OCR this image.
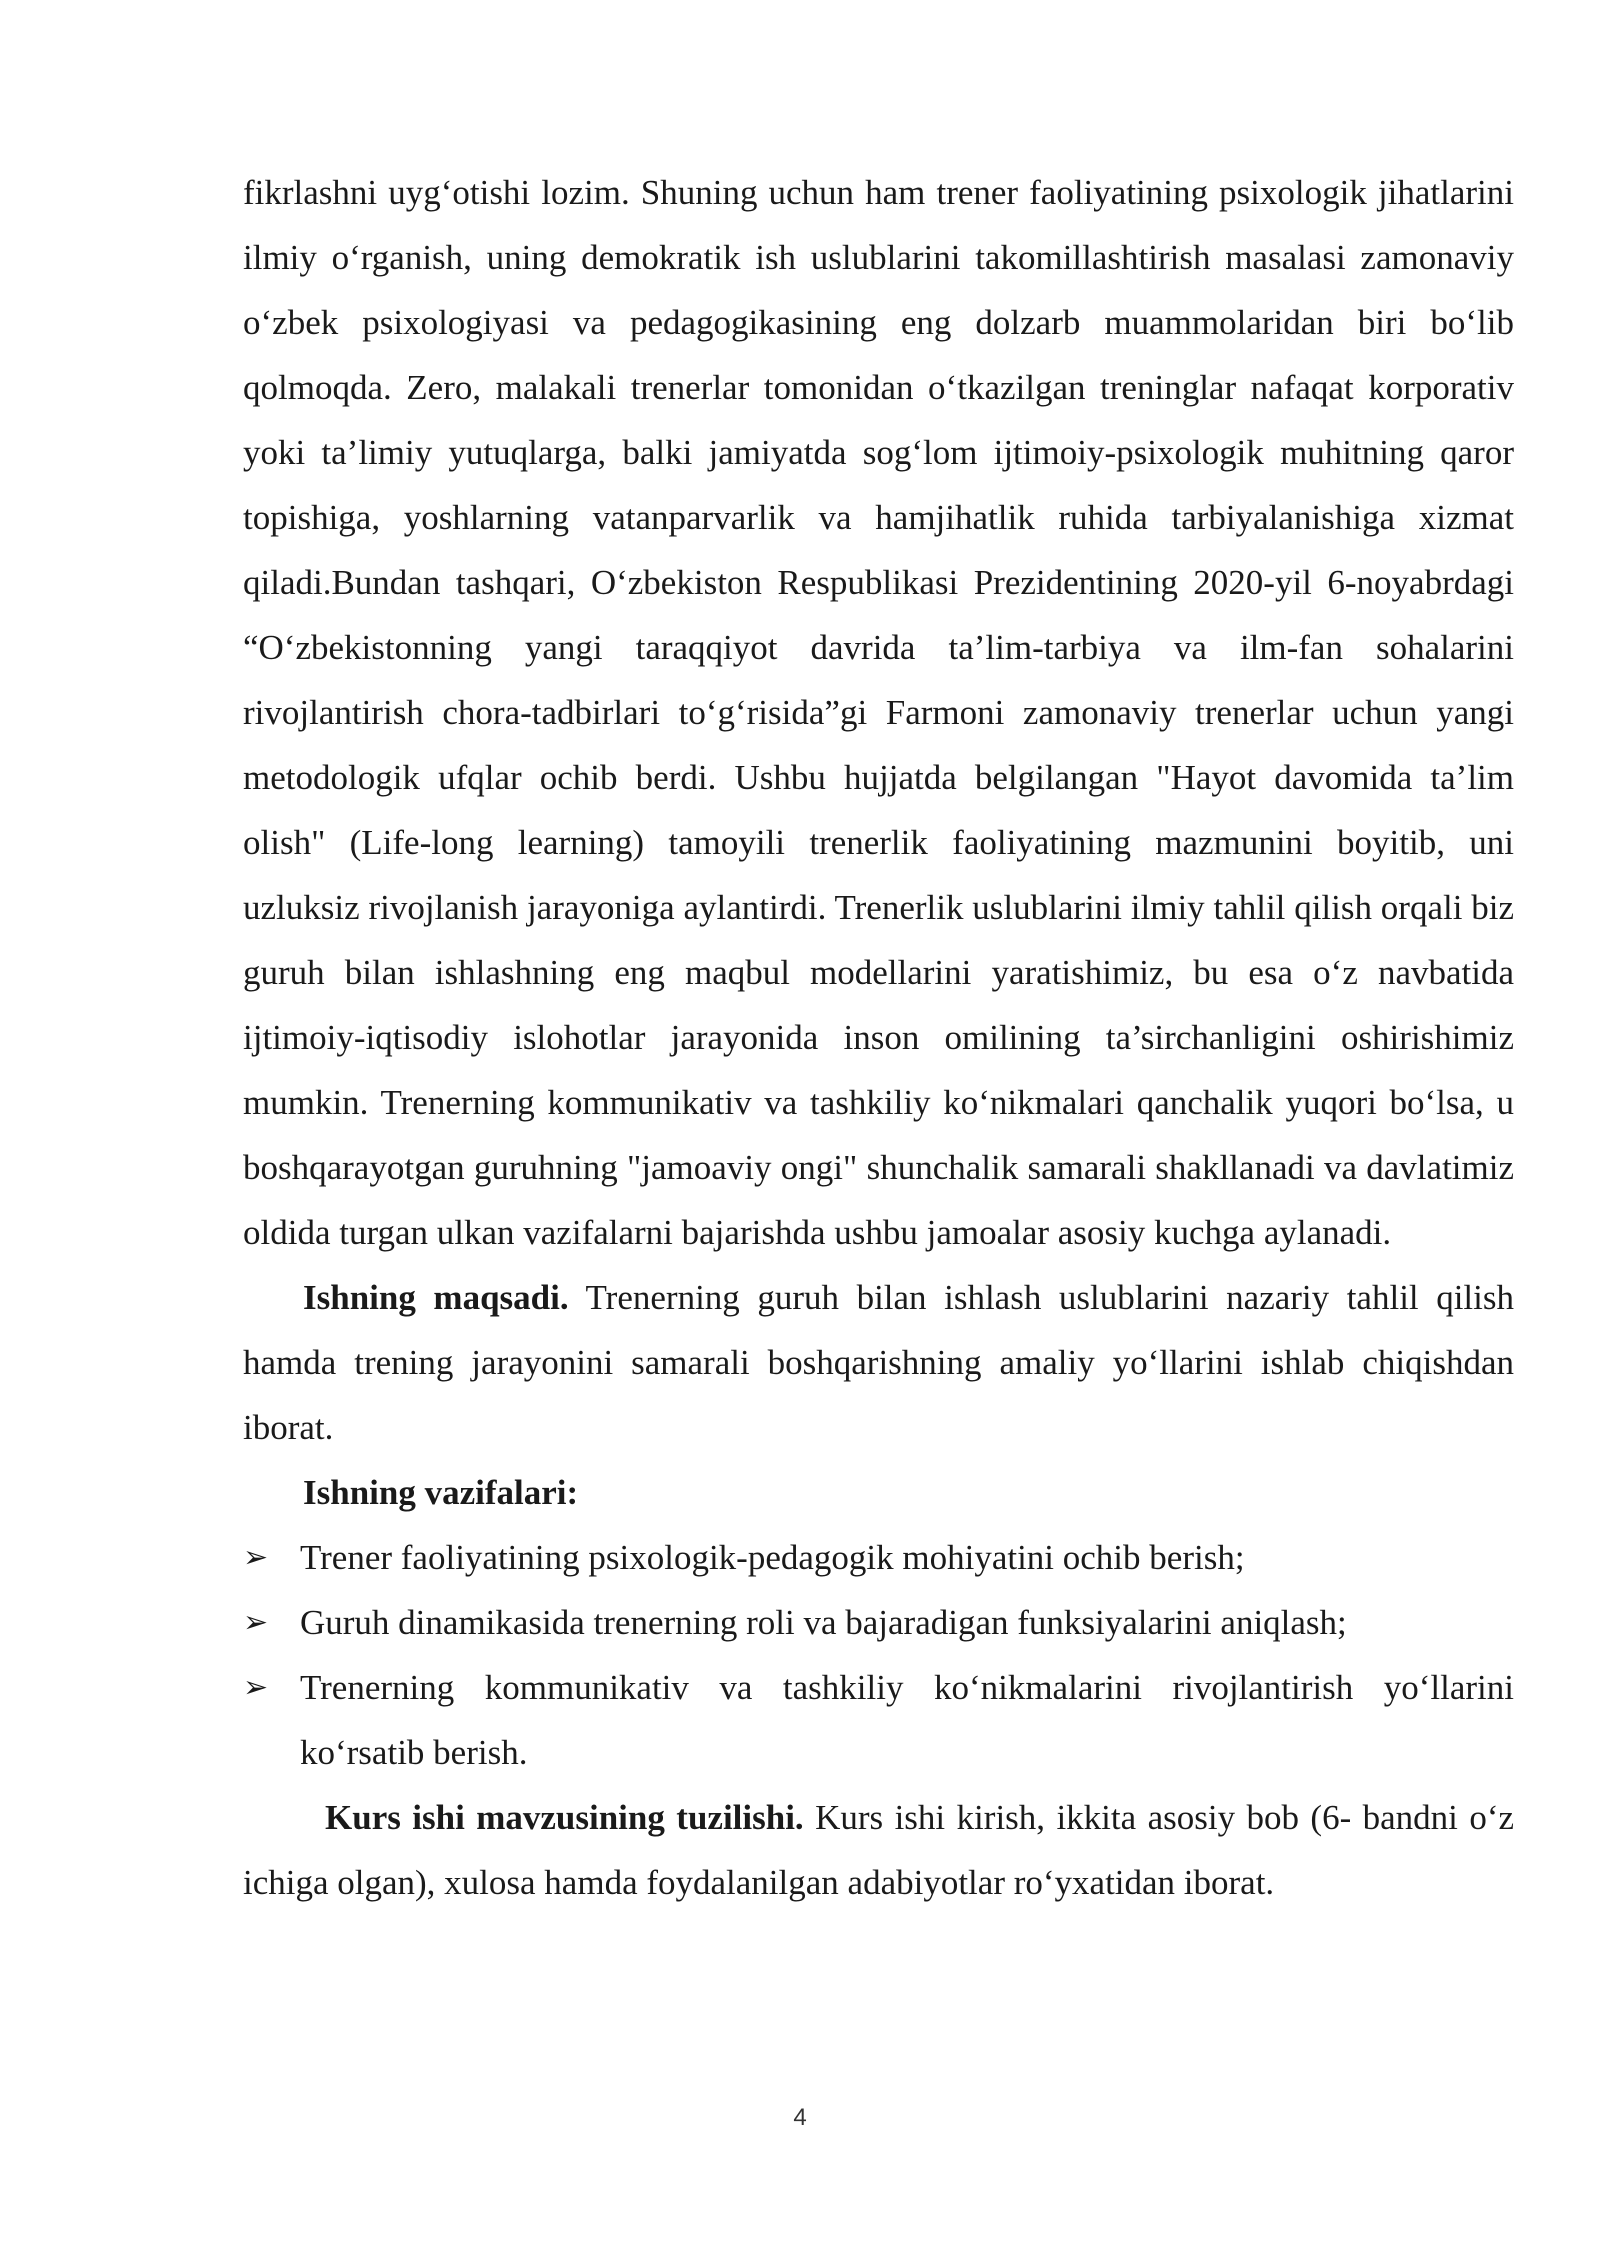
fikrlashni uyg‘otishi lozim. Shuning uchun ham trener faoliyatining psixologik jihatlarini ilmiy o‘rganish, uning demokratik ish uslublarini takomillashtirish masalasi zamonaviy o‘zbek psixologiyasi va pedagogikasining eng dolzarb muammolaridan biri bo‘lib qolmoqda. Zero, malakali trenerlar tomonidan o‘tkazilgan treninglar nafaqat korporativ yoki ta’limiy yutuqlarga, balki jamiyatda sog‘lom ijtimoiy-psixologik muhitning qaror topishiga, yoshlarning vatanparvarlik va hamjihatlik ruhida tarbiyalanishiga xizmat qiladi.Bundan tashqari, O‘zbekiston Respublikasi Prezidentining 2020-yil 6-noyabrdagi “O‘zbekistonning yangi taraqqiyot davrida ta’lim-tarbiya va ilm-fan sohalarini rivojlantirish chora-tadbirlari to‘g‘risida”gi Farmoni zamonaviy trenerlar uchun yangi metodologik ufqlar ochib berdi. Ushbu hujjatda belgilangan "Hayot davomida ta’lim olish" (Life-long learning) tamoyili trenerlik faoliyatining mazmunini boyitib, uni uzluksiz rivojlanish jarayoniga aylantirdi. Trenerlik uslublarini ilmiy tahlil qilish orqali biz guruh bilan ishlashning eng maqbul modellarini yaratishimiz, bu esa o‘z navbatida ijtimoiy-iqtisodiy islohotlar jarayonida inson omilining ta’sirchanligini oshirishimiz mumkin. Trenerning kommunikativ va tashkiliy ko‘nikmalari qanchalik yuqori bo‘lsa, u boshqarayotgan guruhning "jamoaviy ongi" shunchalik samarali shakllanadi va davlatimiz oldida turgan ulkan vazifalarni bajarishda ushbu jamoalar asosiy kuchga aylanadi.

Ishning maqsadi. Trenerning guruh bilan ishlash uslublarini nazariy tahlil qilish hamda trening jarayonini samarali boshqarishning amaliy yo‘llarini ishlab chiqishdan iborat.

Ishning vazifalari:

➢ Trener faoliyatining psixologik-pedagogik mohiyatini ochib berish;
➢ Guruh dinamikasida trenerning roli va bajaradigan funksiyalarini aniqlash;
➢ Trenerning kommunikativ va tashkiliy ko‘nikmalarini rivojlantirish yo‘llarini ko‘rsatib berish.

Kurs ishi mavzusining tuzilishi. Kurs ishi kirish, ikkita asosiy bob (6- bandni o‘z ichiga olgan), xulosa hamda foydalanilgan adabiyotlar ro‘yxatidan iborat.

4
